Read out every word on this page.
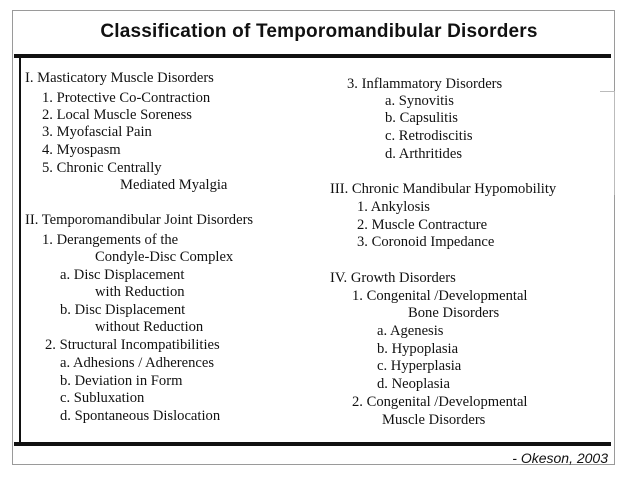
Classification of Temporomandibular Disorders
I. Masticatory Muscle Disorders
1. Protective Co-Contraction
2. Local Muscle Soreness
3. Myofascial Pain
4. Myospasm
5. Chronic Centrally
Mediated Myalgia
II. Temporomandibular Joint Disorders
1. Derangements of the
Condyle-Disc Complex
a. Disc Displacement
with Reduction
b. Disc Displacement
without Reduction
2. Structural Incompatibilities
a. Adhesions / Adherences
b. Deviation in Form
c. Subluxation
d. Spontaneous Dislocation
3. Inflammatory Disorders
a. Synovitis
b. Capsulitis
c. Retrodiscitis
d. Arthritides
III. Chronic Mandibular Hypomobility
1. Ankylosis
2. Muscle Contracture
3. Coronoid Impedance
IV. Growth Disorders
1. Congenital /Developmental
Bone Disorders
a. Agenesis
b. Hypoplasia
c. Hyperplasia
d. Neoplasia
2. Congenital /Developmental
Muscle Disorders
- Okeson, 2003
